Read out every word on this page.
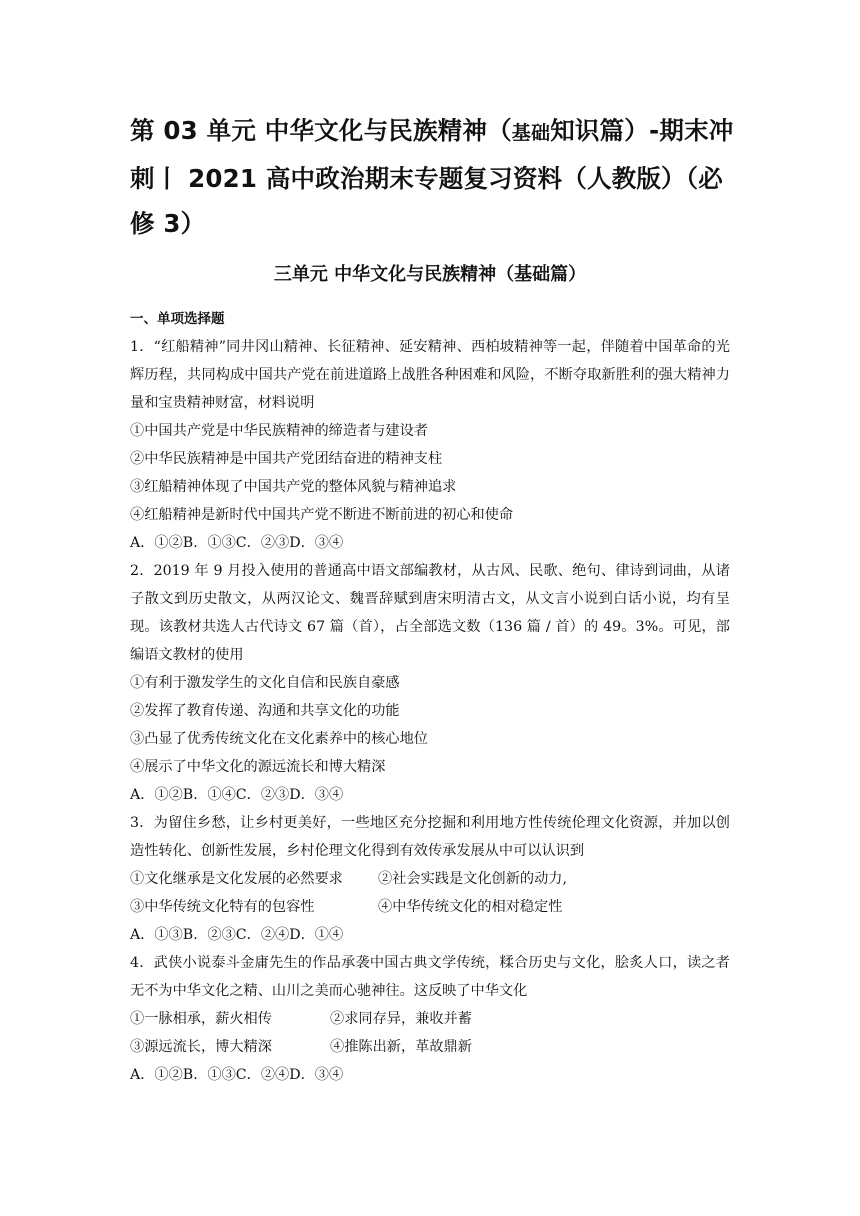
第 03 单元 中华文化与民族精神（基础知识篇）-期末冲刺丨 2021 高中政治期末专题复习资料（人教版）（必修 3）
三单元 中华文化与民族精神（基础篇）

一、单项选择题

1．“红船精神”同井冈山精神、长征精神、延安精神、西柏坡精神等一起，伴随着中国革命的光辉历程，共同构成中国共产党在前进道路上战胜各种困难和风险，不断夺取新胜利的强大精神力量和宝贵精神财富，材料说明

①中国共产党是中华民族精神的缔造者与建设者

②中华民族精神是中国共产党团结奋进的精神支柱

③红船精神体现了中国共产党的整体风貌与精神追求

④红船精神是新时代中国共产党不断进不断前进的初心和使命

A．①②B．①③C．②③D．③④

2．2019 年 9 月投入使用的普通高中语文部编教材，从古风、民歌、绝句、律诗到词曲，从诸子散文到历史散文，从两汉论文、魏晋辞赋到唐宋明清古文，从文言小说到白话小说，均有呈现。该教材共选人古代诗文 67 篇（首），占全部选文数（136 篇 / 首）的 49。3%。可见，部编语文教材的使用

①有利于激发学生的文化自信和民族自豪感

②发挥了教育传递、沟通和共享文化的功能

③凸显了优秀传统文化在文化素养中的核心地位

④展示了中华文化的源远流长和博大精深

A．①②B．①④C．②③D．③④

3．为留住乡愁，让乡村更美好，一些地区充分挖掘和利用地方性传统伦理文化资源，并加以创造性转化、创新性发展，乡村伦理文化得到有效传承发展从中可以认识到

①文化继承是文化发展的必然要求 ②社会实践是文化创新的动力,

③中华传统文化特有的包容性	④中华传统文化的相对稳定性

A．①③B．②③C．②④D．①④

4．武侠小说泰斗金庸先生的作品承袭中国古典文学传统，糅合历史与文化，脍炙人口，读之者无不为中华文化之精、山川之美而心驰神往。这反映了中华文化

①一脉相承，薪火相传	②求同存异，兼收并蓄

③源远流长，博大精深	④推陈出新，革故鼎新

A．①②B．①③C．②④D．③④
